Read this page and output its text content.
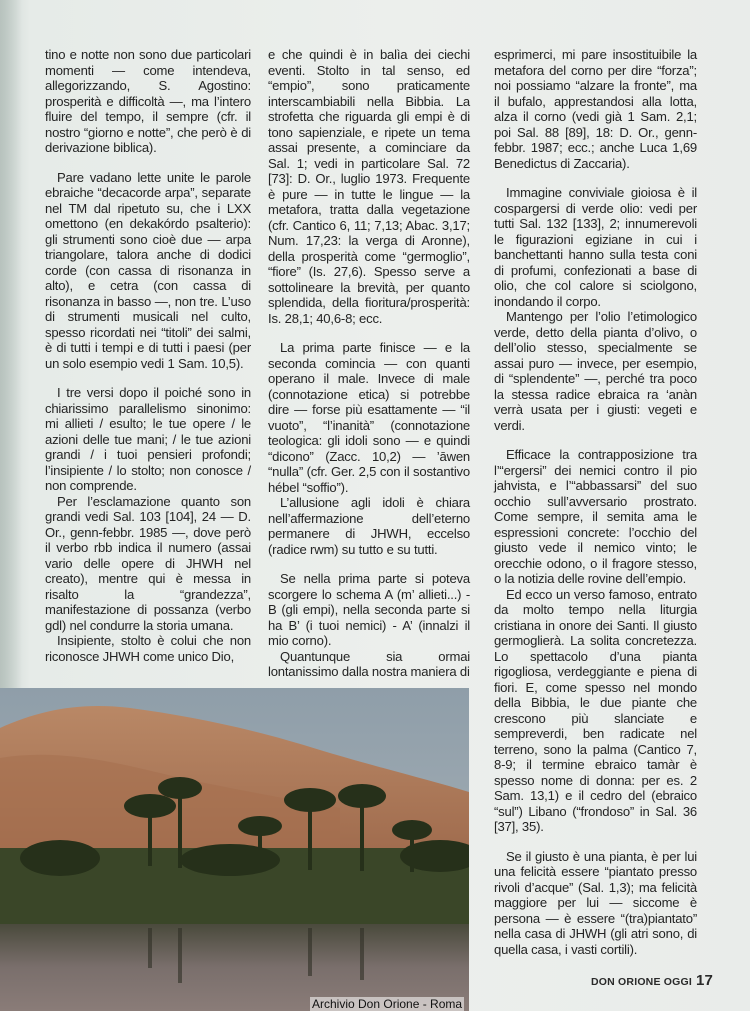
tino e notte non sono due particolari momenti — come intendeva, allegorizzando, S. Agostino: prosperità e difficoltà —, ma l’intero fluire del tempo, il sempre (cfr. il nostro “giorno e notte”, che però è di derivazione biblica).

Pare vadano lette unite le parole ebraiche “decacorde arpa”, separate nel TM dal ripetuto su, che i LXX omettono (en dekakórdo psalterio): gli strumenti sono cioè due — arpa triangolare, talora anche di dodici corde (con cassa di risonanza in alto), e cetra (con cassa di risonanza in basso —, non tre. L’uso di strumenti musicali nel culto, spesso ricordati nei “titoli” dei salmi, è di tutti i tempi e di tutti i paesi (per un solo esempio vedi 1 Sam. 10,5).

I tre versi dopo il poiché sono in chiarissimo parallelismo sinonimo: mi allieti / esulto; le tue opere / le azioni delle tue mani; / le tue azioni grandi / i tuoi pensieri profondi; l’insipiente / lo stolto; non conosce / non comprende.

Per l’esclamazione quanto son grandi vedi Sal. 103 [104], 24 — D. Or., genn-febbr. 1985 —, dove però il verbo rbb indica il numero (assai vario delle opere di JHWH nel creato), mentre qui è messa in risalto la “grandezza”, manifestazione di possanza (verbo gdl) nel condurre la storia umana.

Insipiente, stolto è colui che non riconosce JHWH come unico Dio,

e che quindi è in balìa dei ciechi eventi. Stolto in tal senso, ed “empio”, sono praticamente interscambiabili nella Bibbia. La strofetta che riguarda gli empi è di tono sapienziale, e ripete un tema assai presente, a cominciare da Sal. 1; vedi in particolare Sal. 72 [73]: D. Or., luglio 1973. Frequente è pure — in tutte le lingue — la metafora, tratta dalla vegetazione (cfr. Cantico 6, 11; 7,13; Abac. 3,17; Num. 17,23: la verga di Aronne), della prosperità come “germoglio”, “fiore” (Is. 27,6). Spesso serve a sottolineare la brevità, per quanto splendida, della fioritura/prosperità: Is. 28,1; 40,6-8; ecc.

La prima parte finisce — e la seconda comincia — con quanti operano il male. Invece di male (connotazione etica) si potrebbe dire — forse più esattamente — “il vuoto”, “l’inanità” (connotazione teologica: gli idoli sono — e quindi “dicono” (Zacc. 10,2) — ’āwen “nulla” (cfr. Ger. 2,5 con il sostantivo hébel “soffio”).

L’allusione agli idoli è chiara nell’affermazione dell’eterno permanere di JHWH, eccelso (radice rwm) su tutto e su tutti.

Se nella prima parte si poteva scorgere lo schema A (m’ allieti...) - B (gli empi), nella seconda parte si ha B’ (i tuoi nemici) - A’ (innalzi il mio corno).

Quantunque sia ormai lontanissimo dalla nostra maniera di

esprimerci, mi pare insostituibile la metafora del corno per dire “forza”; noi possiamo “alzare la fronte”, ma il bufalo, apprestandosi alla lotta, alza il corno (vedi già 1 Sam. 2,1; poi Sal. 88 [89], 18: D. Or., genn-febbr. 1987; ecc.; anche Luca 1,69 Benedictus di Zaccaria).

Immagine conviviale gioiosa è il cospargersi di verde olio: vedi per tutti Sal. 132 [133], 2; innumerevoli le figurazioni egiziane in cui i banchettanti hanno sulla testa coni di profumi, confezionati a base di olio, che col calore si sciolgono, inondando il corpo.

Mantengo per l’olio l’etimologico verde, detto della pianta d’olivo, o dell’olio stesso, specialmente se assai puro — invece, per esempio, di “splendente” —, perché tra poco la stessa radice ebraica ra ‘anàn verrà usata per i giusti: vegeti e verdi.

Efficace la contrapposizione tra l’“ergersi” dei nemici contro il pio jahvista, e l’“abbassarsi” del suo occhio sull’avversario prostrato. Come sempre, il semita ama le espressioni concrete: l’occhio del giusto vede il nemico vinto; le orecchie odono, o il fragore stesso, o la notizia delle rovine dell’empio.

Ed ecco un verso famoso, entrato da molto tempo nella liturgia cristiana in onore dei Santi. Il giusto germoglierà. La solita concretezza. Lo spettacolo d’una pianta rigogliosa, verdeggiante e piena di fiori. E, come spesso nel mondo della Bibbia, le due piante che crescono più slanciate e sempreverdi, ben radicate nel terreno, sono la palma (Cantico 7, 8-9; il termine ebraico tamàr è spesso nome di donna: per es. 2 Sam. 13,1) e il cedro del (ebraico “sul”) Libano (“frondoso” in Sal. 36 [37], 35).

Se il giusto è una pianta, è per lui una felicità essere “piantato presso rivoli d’acque” (Sal. 1,3); ma felicità maggiore per lui — siccome è persona — è essere “(tra)piantato” nella casa di JHWH (gli atri sono, di quella casa, i vasti cortili).

DON ORIONE OGGI 17
Archivio Don Orione - Roma
